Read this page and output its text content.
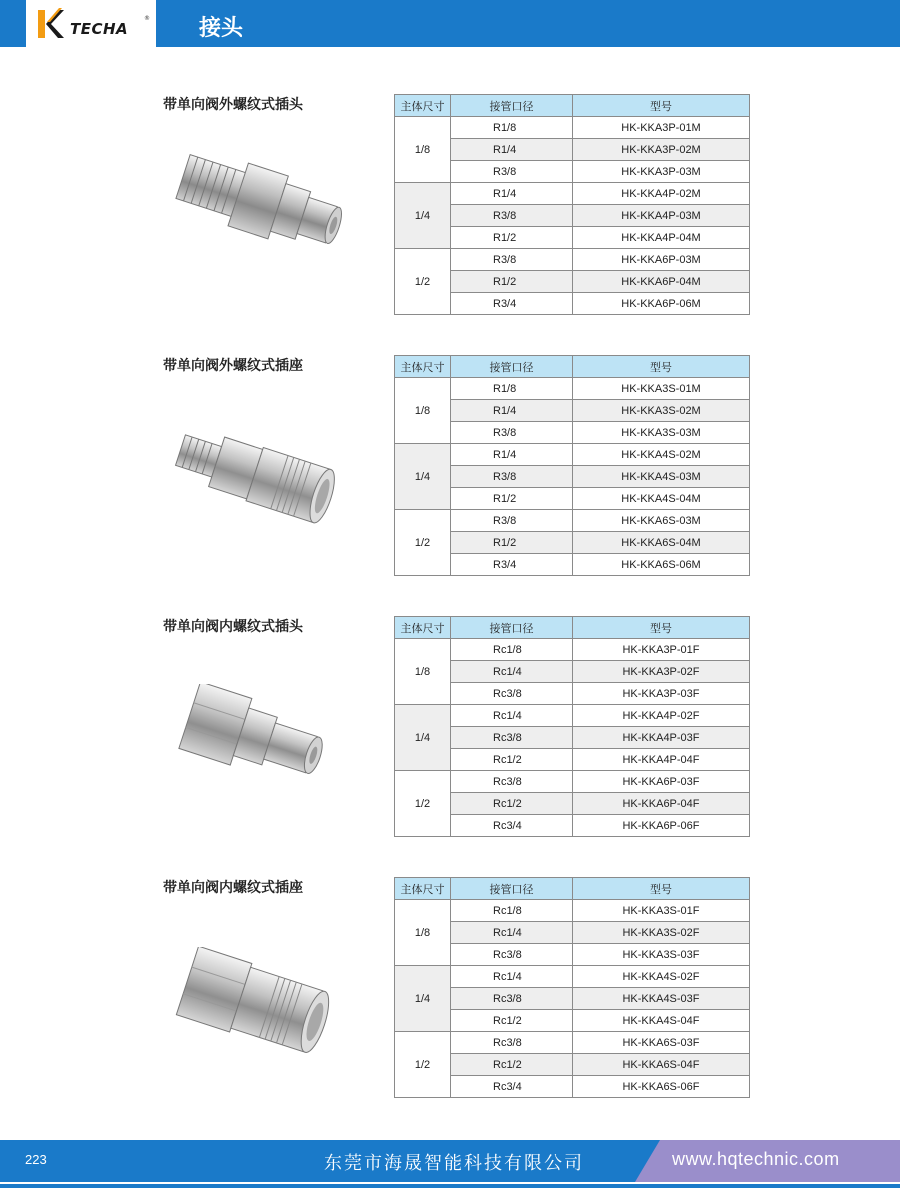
TECHA
® 接头
带单向阀外螺纹式插头	主体尺寸	接管口径	型号
1/8	R1/8	HK-KKA3P-01M
	R1/4	HK-KKA3P-02M
	R3/8	HK-KKA3P-03M
1/4	R1/4	HK-KKA4P-02M
	R3/8	HK-KKA4P-03M
	R1/2	HK-KKA4P-04M
1/2	R3/8	HK-KKA6P-03M
	R1/2	HK-KKA6P-04M
	R3/4	HK-KKA6P-06M
带单向阀外螺纹式插座	主体尺寸	接管口径	型号
1/8	R1/8	HK-KKA3S-01M
	R1/4	HK-KKA3S-02M
	R3/8	HK-KKA3S-03M
1/4	R1/4	HK-KKA4S-02M
	R3/8	HK-KKA4S-03M
	R1/2	HK-KKA4S-04M
1/2	R3/8	HK-KKA6S-03M
	R1/2	HK-KKA6S-04M
	R3/4	HK-KKA6S-06M
带单向阀内螺纹式插头	主体尺寸	接管口径	型号
1/8	Rc1/8	HK-KKA3P-01F
	Rc1/4	HK-KKA3P-02F
	Rc3/8	HK-KKA3P-03F
1/4	Rc1/4	HK-KKA4P-02F
	Rc3/8	HK-KKA4P-03F
	Rc1/2	HK-KKA4P-04F
1/2	Rc3/8	HK-KKA6P-03F
	Rc1/2	HK-KKA6P-04F
	Rc3/4	HK-KKA6P-06F
带单向阀内螺纹式插座	主体尺寸	接管口径	型号
1/8	Rc1/8	HK-KKA3S-01F
	Rc1/4	HK-KKA3S-02F
	Rc3/8	HK-KKA3S-03F
1/4	Rc1/4	HK-KKA4S-02F
	Rc3/8	HK-KKA4S-03F
	Rc1/2	HK-KKA4S-04F
1/2	Rc3/8	HK-KKA6S-03F
	Rc1/2	HK-KKA6S-04F
	Rc3/4	HK-KKA6S-06F
223	东莞市海晟智能科技有限公司	www.hqtechnic.com
